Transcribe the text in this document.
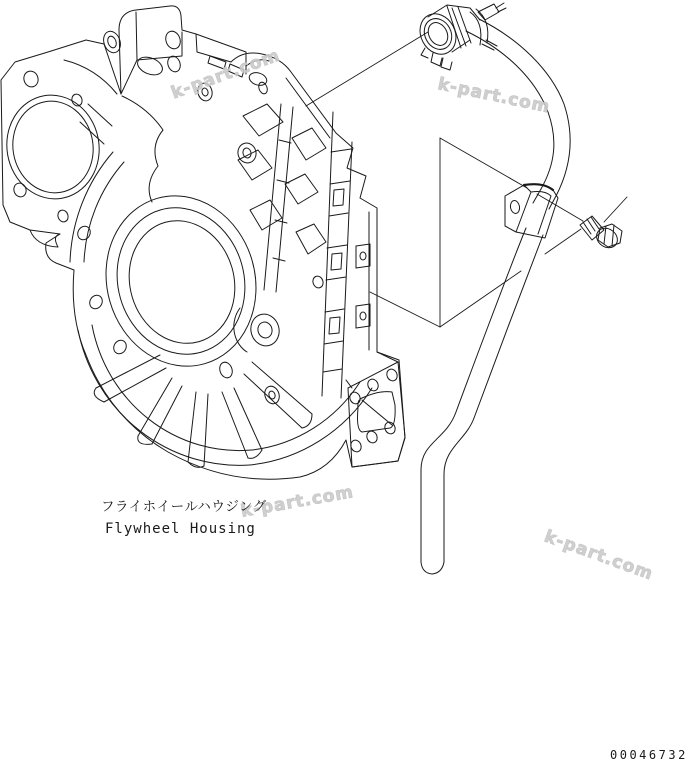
k-part.com	k-part.com
k-part.com
k-part.com
フライホイールハウジング
Flywheel Housing
00046732
